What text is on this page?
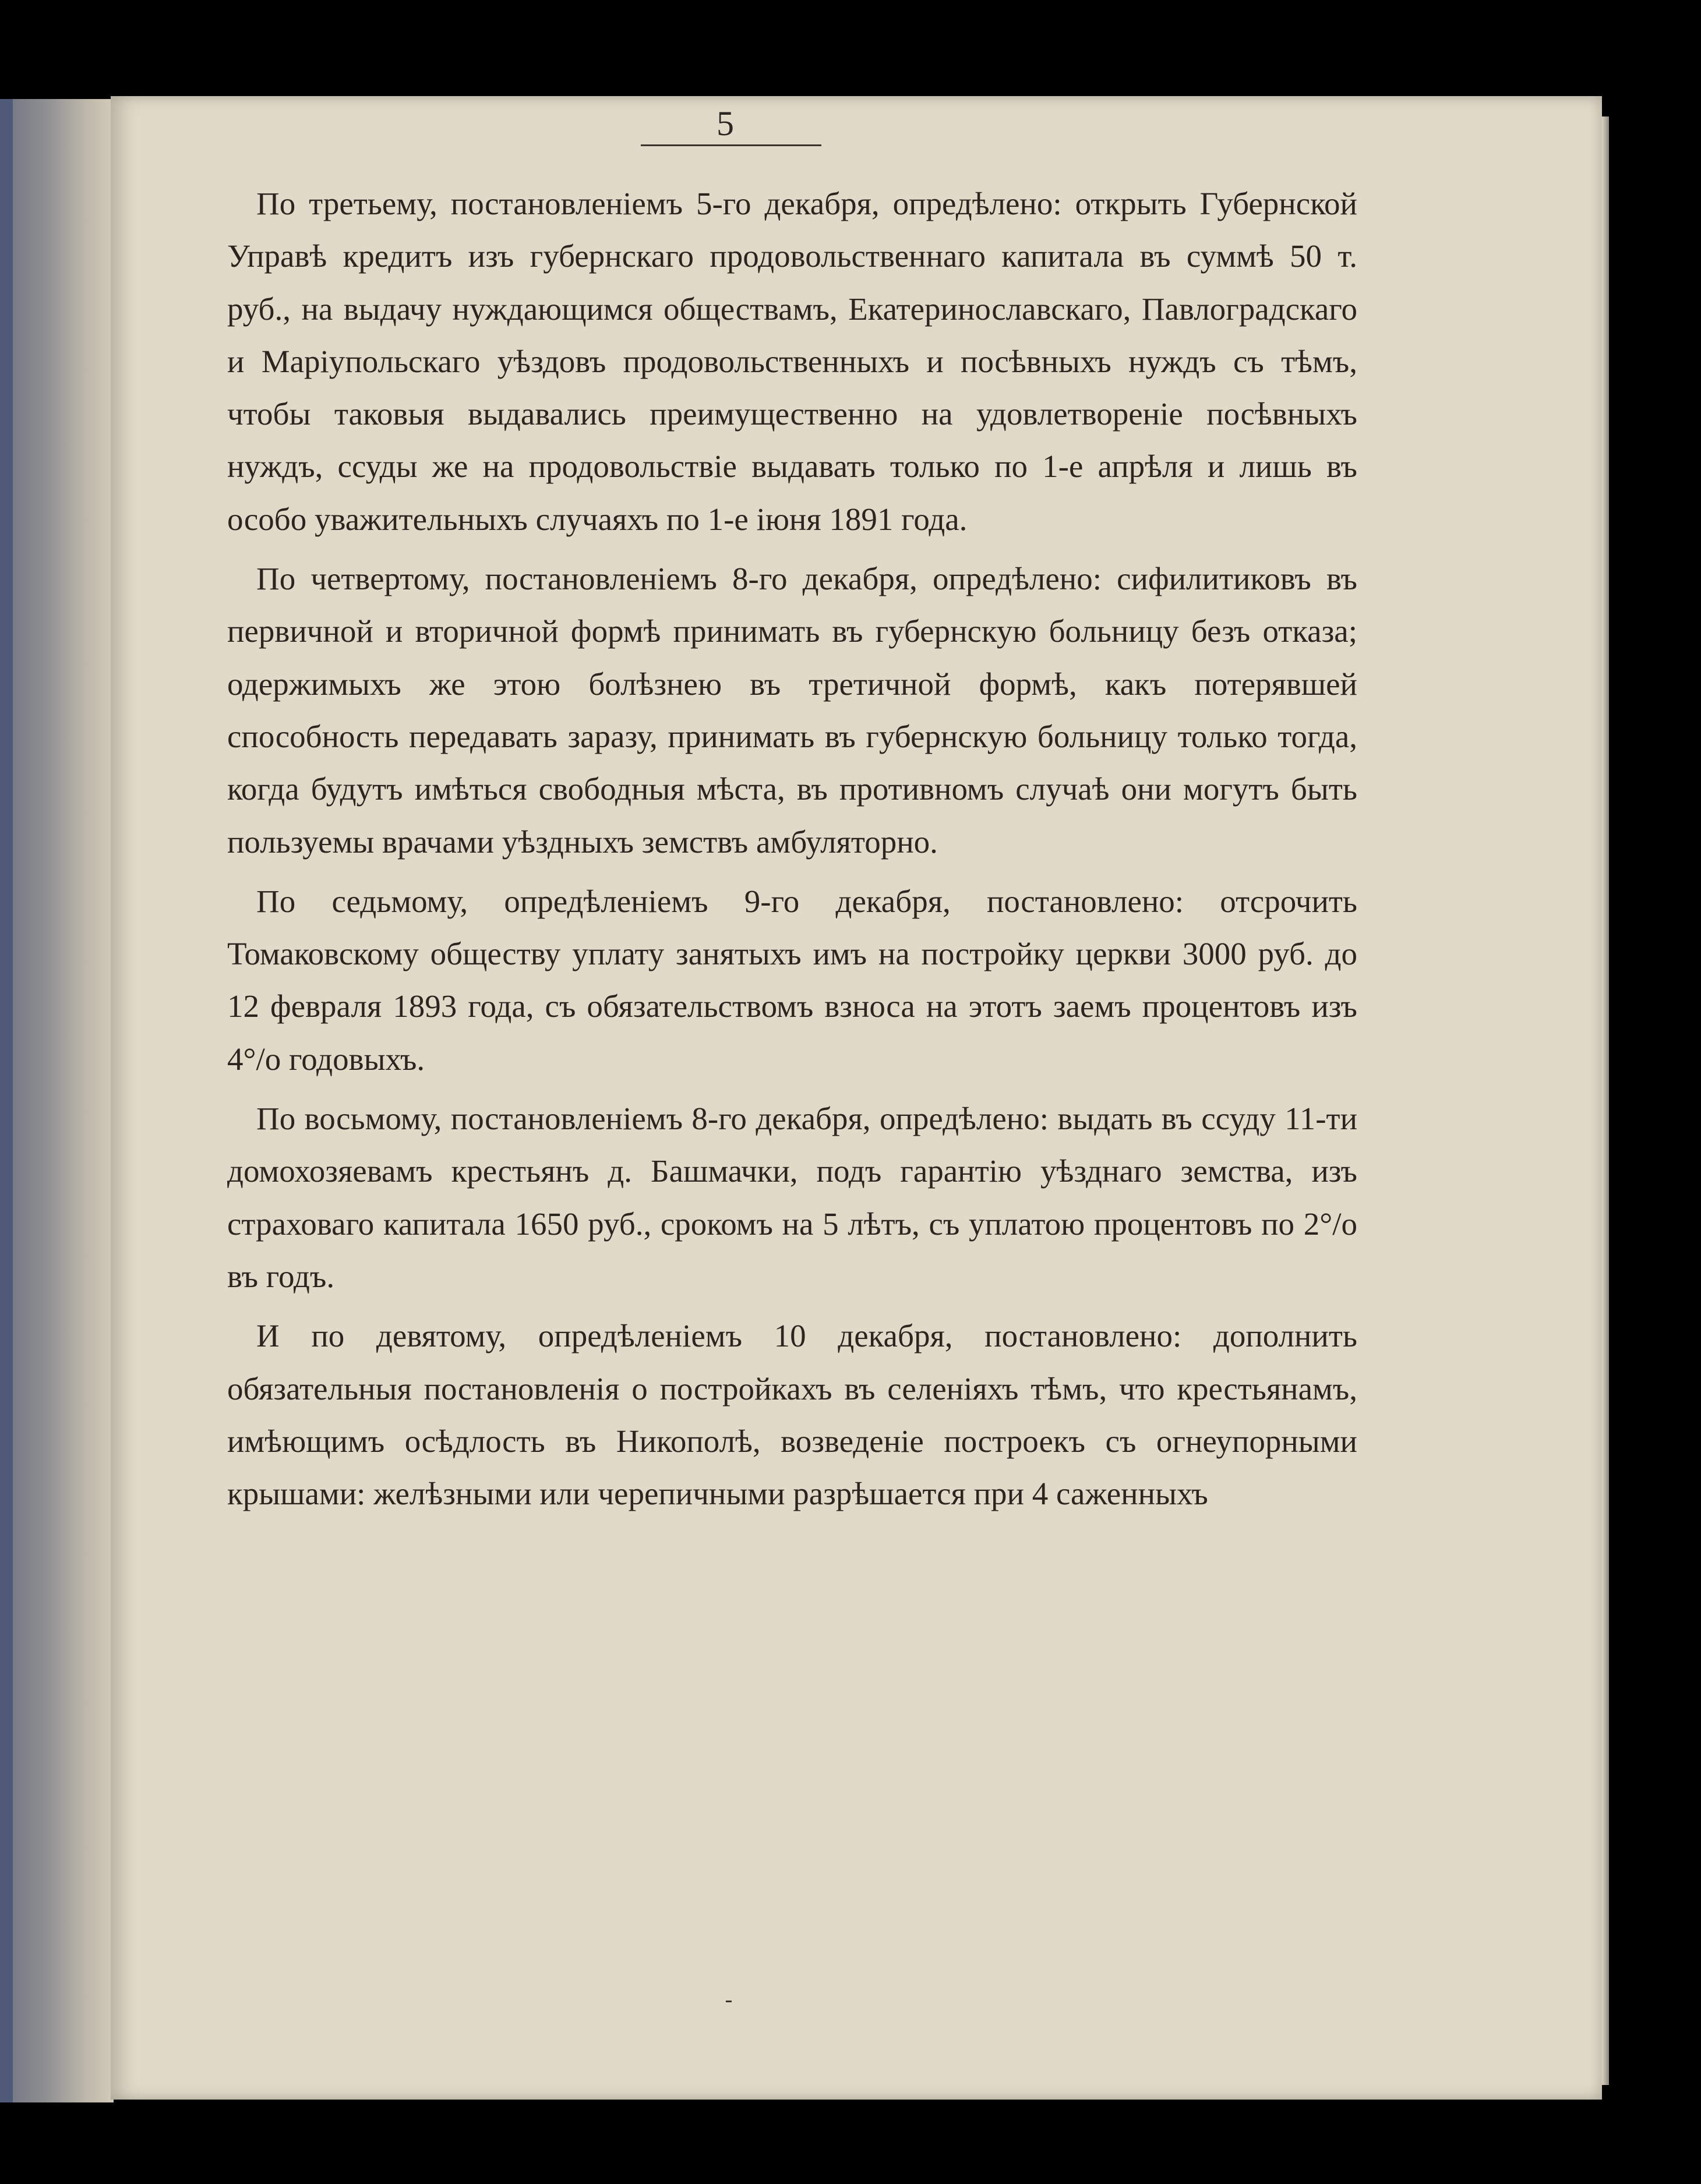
5

По третьему, постановленіемъ 5-го декабря, опредѣлено: открыть Губернской Управѣ кредитъ изъ губернскаго продовольственнаго капитала въ суммѣ 50 т. руб., на выдачу нуждающимся обществамъ, Екатеринославскаго, Павлоградскаго и Маріупольскаго уѣздовъ продовольственныхъ и посѣвныхъ нуждъ съ тѣмъ, чтобы таковыя выдавались преимущественно на удовлетвореніе посѣвныхъ нуждъ, ссуды же на продовольствіе выдавать только по 1-е апрѣля и лишь въ особо уважительныхъ случаяхъ по 1-е іюня 1891 года.

По четвертому, постановленіемъ 8-го декабря, опредѣлено: сифилитиковъ въ первичной и вторичной формѣ принимать въ губернскую больницу безъ отказа; одержимыхъ же этою болѣзнею въ третичной формѣ, какъ потерявшей способность передавать заразу, принимать въ губернскую больницу только тогда, когда будутъ имѣться свободныя мѣста, въ противномъ случаѣ они могутъ быть пользуемы врачами уѣздныхъ земствъ амбуляторно.

По седьмому, опредѣленіемъ 9-го декабря, постановлено: отсрочить Томаковскому обществу уплату занятыхъ имъ на постройку церкви 3000 руб. до 12 февраля 1893 года, съ обязательствомъ взноса на этотъ заемъ процентовъ изъ 4°/o годовыхъ.

По восьмому, постановленіемъ 8-го декабря, опредѣлено: выдать въ ссуду 11-ти домохозяевамъ крестьянъ д. Башмачки, подъ гарантію уѣзднаго земства, изъ страховаго капитала 1650 руб., срокомъ на 5 лѣтъ, съ уплатою процентовъ по 2°/o въ годъ.

И по девятому, опредѣленіемъ 10 декабря, постановлено: дополнить обязательныя постановленія о постройкахъ въ селеніяхъ тѣмъ, что крестьянамъ, имѣющимъ осѣдлость въ Никополѣ, возведеніе построекъ съ огнеупорными крышами: желѣзными или черепичными разрѣшается при 4 саженныхъ
